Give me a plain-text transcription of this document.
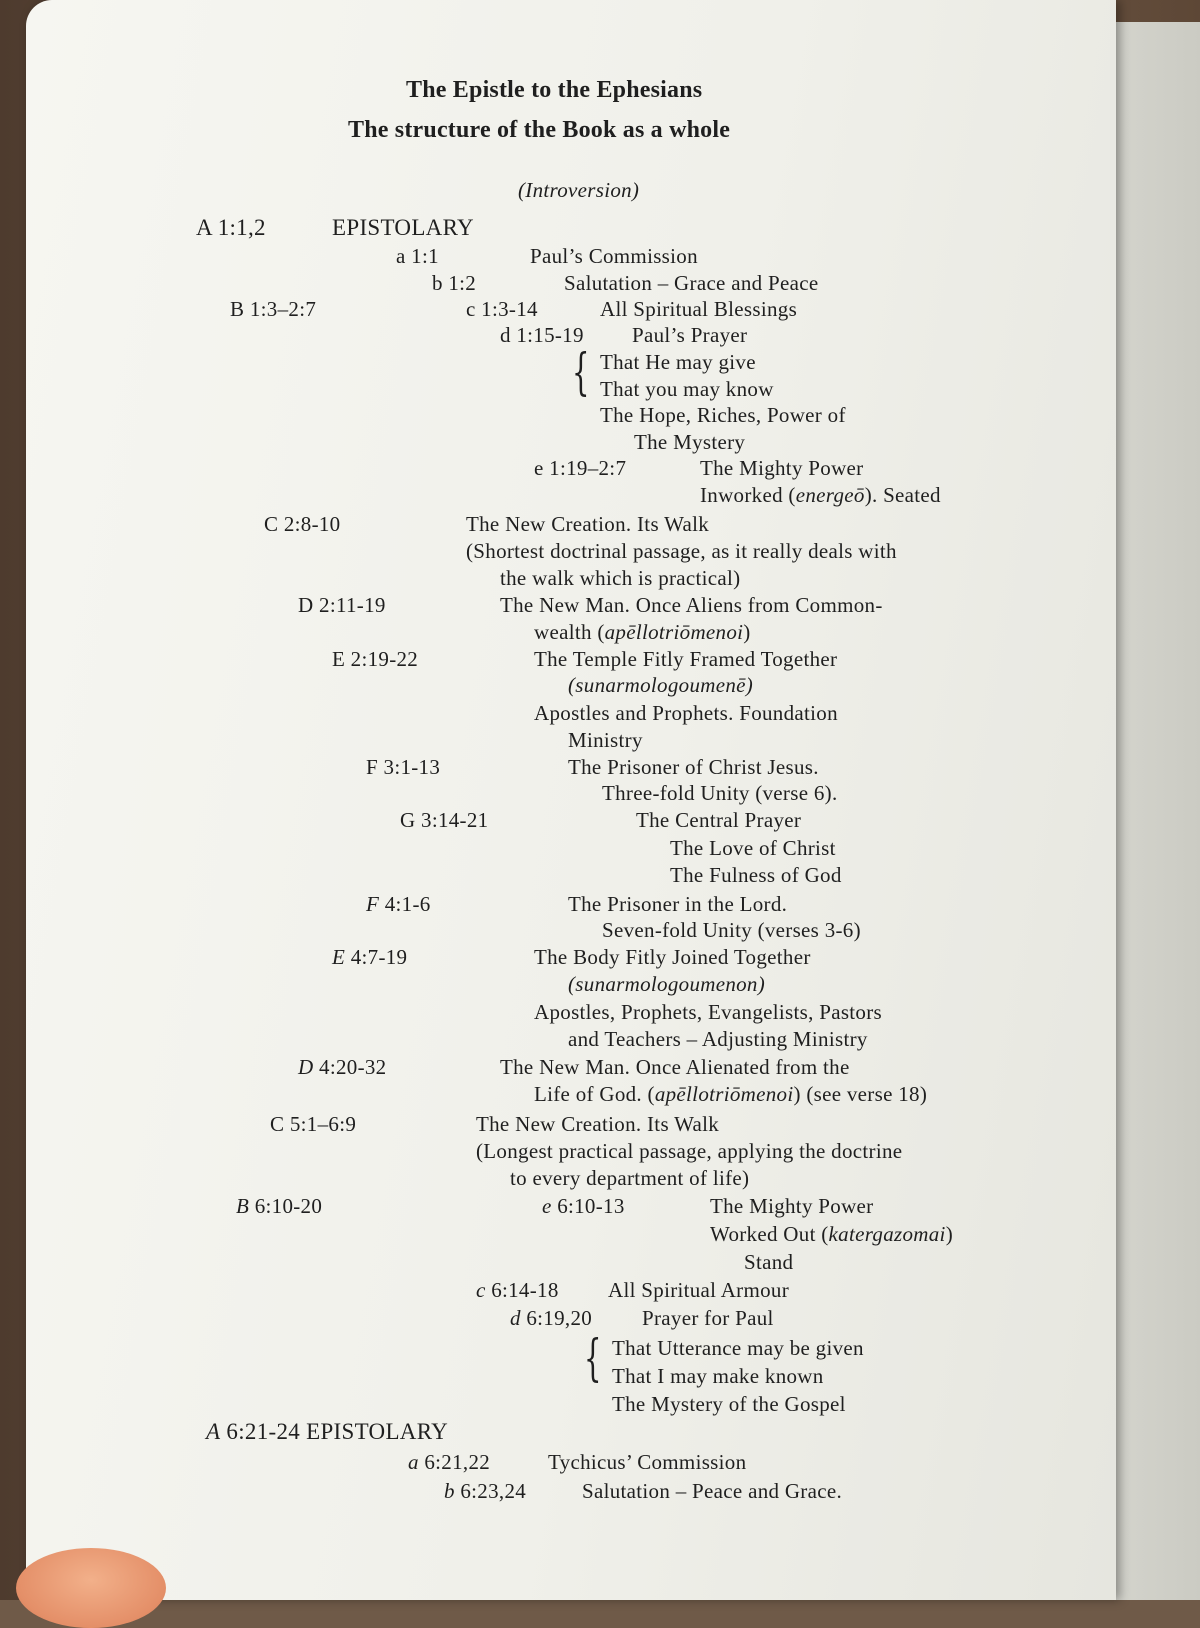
The Epistle to the Ephesians
The structure of the Book as a whole
(Introversion)
A 1:1,2	EPISTOLARY
a 1:1	Paul’s Commission
b 1:2	Salutation – Grace and Peace
B 1:3–2:7	c 1:3-14	All Spiritual Blessings
d 1:15-19 Paul’s Prayer
{ That He may give
That you may know
The Hope, Riches, Power of
The Mystery
e 1:19–2:7	The Mighty Power
Inworked (energeō). Seated
C 2:8-10	The New Creation. Its Walk
(Shortest doctrinal passage, as it really deals with
the walk which is practical)
D 2:11-19	The New Man. Once Aliens from Common-
wealth (apēllotriōmenoi)
E 2:19-22	The Temple Fitly Framed Together
(sunarmologoumenē)
Apostles and Prophets. Foundation
Ministry
F 3:1-13	The Prisoner of Christ Jesus.
Three-fold Unity (verse 6).
G 3:14-21	The Central Prayer
The Love of Christ
The Fulness of God
F 4:1-6	The Prisoner in the Lord.
Seven-fold Unity (verses 3-6)
E 4:7-19	The Body Fitly Joined Together
(sunarmologoumenon)
Apostles, Prophets, Evangelists, Pastors
and Teachers – Adjusting Ministry
D 4:20-32	The New Man. Once Alienated from the
Life of God. (apēllotriōmenoi) (see verse 18)
C 5:1–6:9	The New Creation. Its Walk
(Longest practical passage, applying the doctrine
to every department of life)
B 6:10-20	e 6:10-13	The Mighty Power
Worked Out (katergazomai)
Stand
c 6:14-18 All Spiritual Armour
d 6:19,20 Prayer for Paul
{ That Utterance may be given
That I may make known
The Mystery of the Gospel
A 6:21-24 EPISTOLARY
a 6:21,22	Tychicus’ Commission
b 6:23,24	Salutation – Peace and Grace.
